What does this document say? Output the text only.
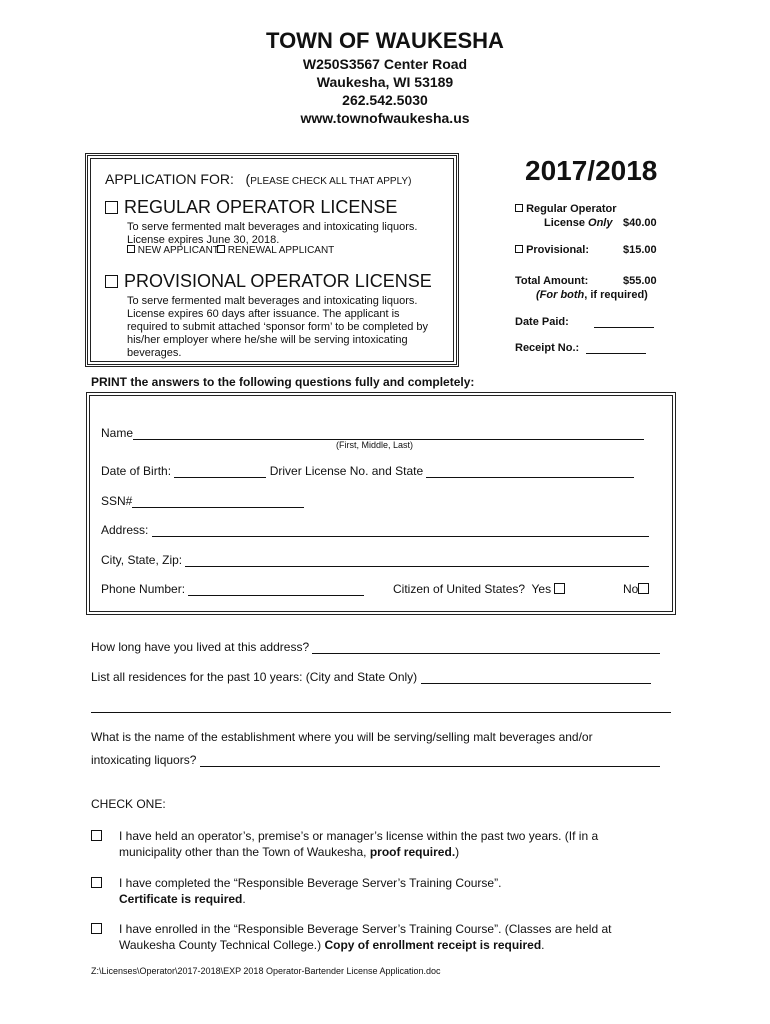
TOWN OF WAUKESHA
W250S3567 Center Road
Waukesha, WI 53189
262.542.5030
www.townofwaukesha.us
APPLICATION FOR: (PLEASE CHECK ALL THAT APPLY)
REGULAR OPERATOR LICENSE
To serve fermented malt beverages and intoxicating liquors.
License expires June 30, 2018.
NEW APPLICANT RENEWAL APPLICANT
PROVISIONAL OPERATOR LICENSE
To serve fermented malt beverages and intoxicating liquors.
License expires 60 days after issuance. The applicant is
required to submit attached ‘sponsor form’ to be completed by
his/her employer where he/she will be serving intoxicating
beverages.
2017/2018
Regular Operator
License Only $40.00
Provisional:	$15.00
Total Amount:	$55.00
(For both, if required)
Date Paid:
Receipt No.:
PRINT the answers to the following questions fully and completely:
Name
(First, Middle, Last)
Date of Birth:	Driver License No. and State
SSN#
Address:
City, State, Zip:
Phone Number:	Citizen of United States? Yes	No
How long have you lived at this address?
List all residences for the past 10 years: (City and State Only)
What is the name of the establishment where you will be serving/selling malt beverages and/or
intoxicating liquors?
CHECK ONE:
I have held an operator’s, premise’s or manager’s license within the past two years. (If in a
municipality other than the Town of Waukesha, proof required.)
I have completed the “Responsible Beverage Server’s Training Course”.
Certificate is required.
I have enrolled in the “Responsible Beverage Server’s Training Course”. (Classes are held at
Waukesha County Technical College.) Copy of enrollment receipt is required.
Z:\Licenses\Operator\2017-2018\EXP 2018 Operator-Bartender License Application.doc
